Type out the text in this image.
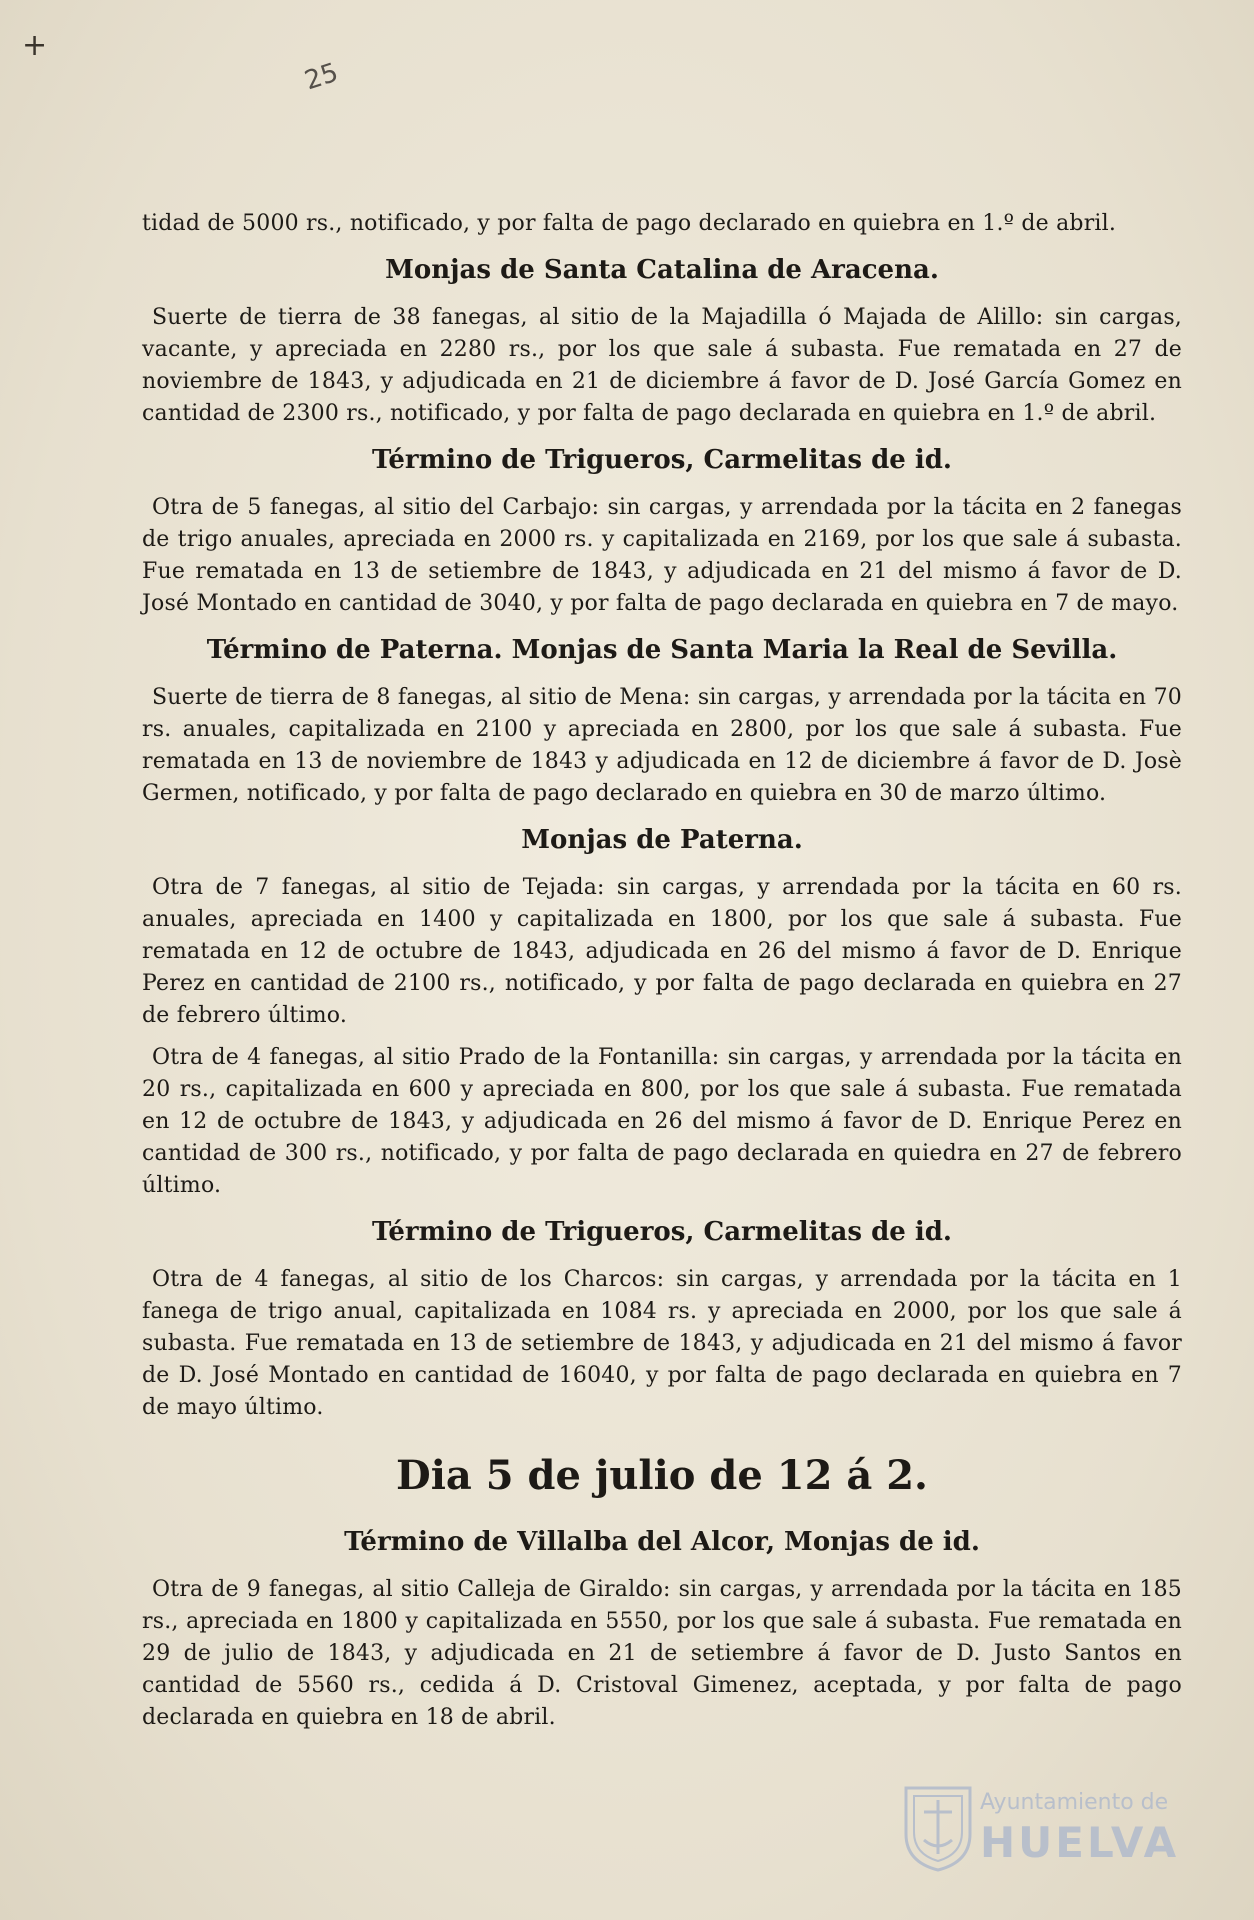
+
25

tidad de 5000 rs., notificado, y por falta de pago declarado en quiebra en 1.º de abril.

Monjas de Santa Catalina de Aracena.

Suerte de tierra de 38 fanegas, al sitio de la Majadilla ó Majada de Alillo: sin cargas, vacante, y apreciada en 2280 rs., por los que sale á subasta. Fue rematada en 27 de noviembre de 1843, y adjudicada en 21 de diciembre á favor de D. José García Gomez en cantidad de 2300 rs., notificado, y por falta de pago declarada en quiebra en 1.º de abril.

Término de Trigueros, Carmelitas de id.

Otra de 5 fanegas, al sitio del Carbajo: sin cargas, y arrendada por la tácita en 2 fanegas de trigo anuales, apreciada en 2000 rs. y capitalizada en 2169, por los que sale á subasta. Fue rematada en 13 de setiembre de 1843, y adjudicada en 21 del mismo á favor de D. José Montado en cantidad de 3040, y por falta de pago declarada en quiebra en 7 de mayo.

Término de Paterna. Monjas de Santa Maria la Real de Sevilla.

Suerte de tierra de 8 fanegas, al sitio de Mena: sin cargas, y arrendada por la tácita en 70 rs. anuales, capitalizada en 2100 y apreciada en 2800, por los que sale á subasta. Fue rematada en 13 de noviembre de 1843 y adjudicada en 12 de diciembre á favor de D. Josè Germen, notificado, y por falta de pago declarado en quiebra en 30 de marzo último.

Monjas de Paterna.

Otra de 7 fanegas, al sitio de Tejada: sin cargas, y arrendada por la tácita en 60 rs. anuales, apreciada en 1400 y capitalizada en 1800, por los que sale á subasta. Fue rematada en 12 de octubre de 1843, adjudicada en 26 del mismo á favor de D. Enrique Perez en cantidad de 2100 rs., notificado, y por falta de pago declarada en quiebra en 27 de febrero último.

Otra de 4 fanegas, al sitio Prado de la Fontanilla: sin cargas, y arrendada por la tácita en 20 rs., capitalizada en 600 y apreciada en 800, por los que sale á subasta. Fue rematada en 12 de octubre de 1843, y adjudicada en 26 del mismo á favor de D. Enrique Perez en cantidad de 300 rs., notificado, y por falta de pago declarada en quiedra en 27 de febrero último.

Término de Trigueros, Carmelitas de id.

Otra de 4 fanegas, al sitio de los Charcos: sin cargas, y arrendada por la tácita en 1 fanega de trigo anual, capitalizada en 1084 rs. y apreciada en 2000, por los que sale á subasta. Fue rematada en 13 de setiembre de 1843, y adjudicada en 21 del mismo á favor de D. José Montado en cantidad de 16040, y por falta de pago declarada en quiebra en 7 de mayo último.

Dia 5 de julio de 12 á 2.
Término de Villalba del Alcor, Monjas de id.

Otra de 9 fanegas, al sitio Calleja de Giraldo: sin cargas, y arrendada por la tácita en 185 rs., apreciada en 1800 y capitalizada en 5550, por los que sale á subasta. Fue rematada en 29 de julio de 1843, y adjudicada en 21 de setiembre á favor de D. Justo Santos en cantidad de 5560 rs., cedida á D. Cristoval Gimenez, aceptada, y por falta de pago declarada en quiebra en 18 de abril.

Ayuntamiento de
HUELVA
